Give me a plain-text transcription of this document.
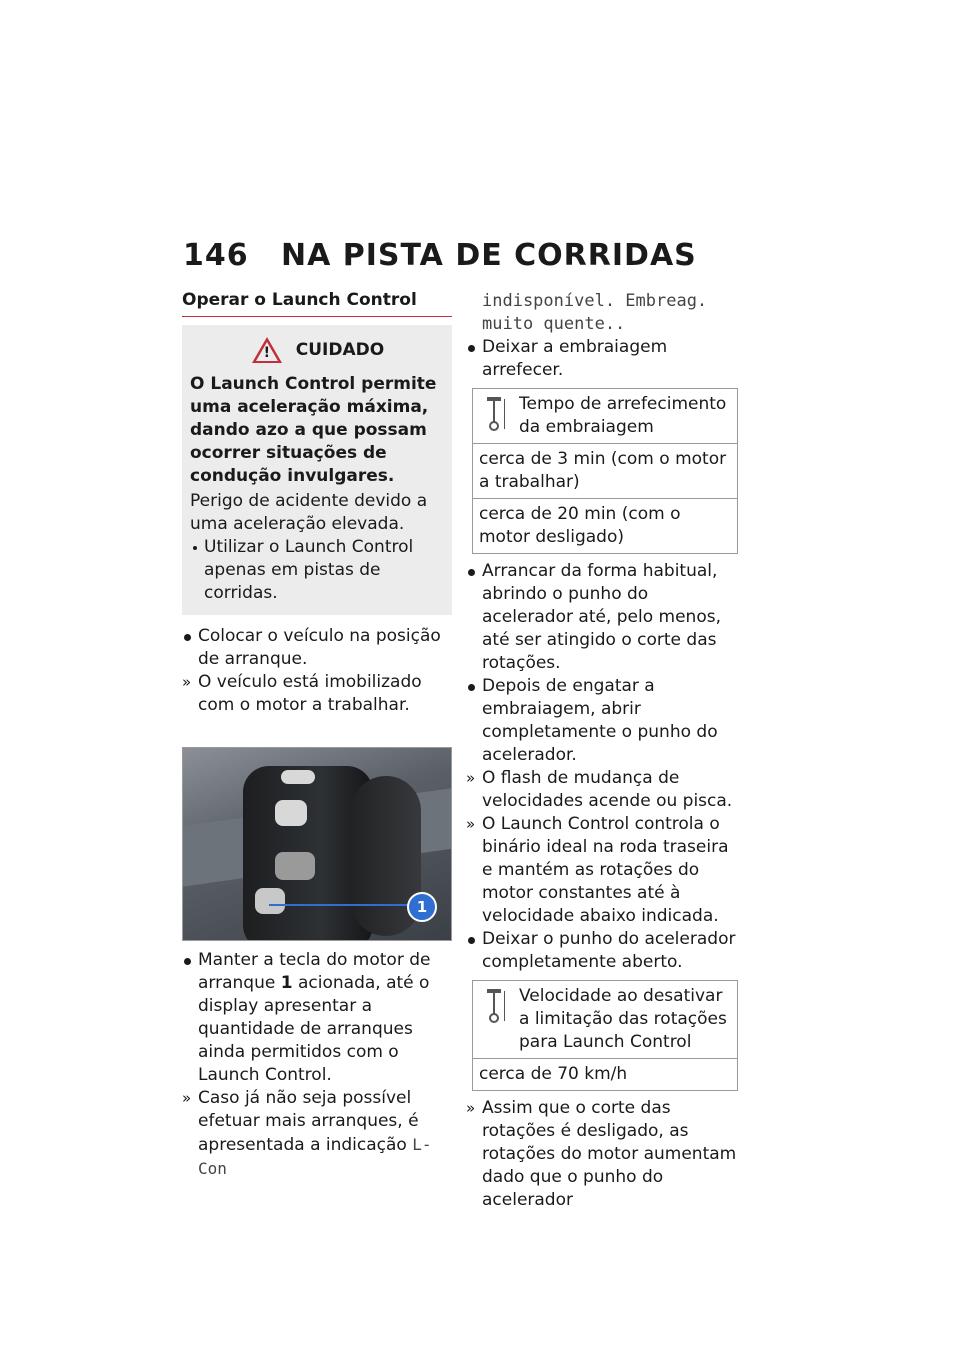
146 NA PISTA DE CORRIDAS
Operar o Launch Control
!	CUIDADO
O Launch Control permite uma aceleração máxima, dando azo a que possam ocorrer situações de condução invulgares.
Perigo de acidente devido a uma aceleração elevada.
Utilizar o Launch Control apenas em pistas de corridas.
Colocar o veículo na posição de arranque.
» O veículo está imobilizado com o motor a trabalhar.
1
Manter a tecla do motor de arranque 1 acionada, até o display apresentar a quantidade de arranques ainda permitidos com o Launch Control.
» Caso já não seja possível efetuar mais arranques, é apresentada a indicação L-Con
indisponível. Embreag.
muito quente..
Deixar a embraiagem arrefecer.
Tempo de arrefecimento da embraiagem
cerca de 3 min (com o motor a trabalhar)
cerca de 20 min (com o motor desligado)
Arrancar da forma habitual, abrindo o punho do acelerador até, pelo menos, até ser atingido o corte das rotações.
Depois de engatar a embraiagem, abrir completamente o punho do acelerador.
» O flash de mudança de velocidades acende ou pisca.
» O Launch Control controla o binário ideal na roda traseira e mantém as rotações do motor constantes até à velocidade abaixo indicada.
Deixar o punho do acelerador completamente aberto.
Velocidade ao desativar a limitação das rotações para Launch Control
cerca de 70 km/h
» Assim que o corte das rotações é desligado, as rotações do motor aumentam dado que o punho do acelerador
